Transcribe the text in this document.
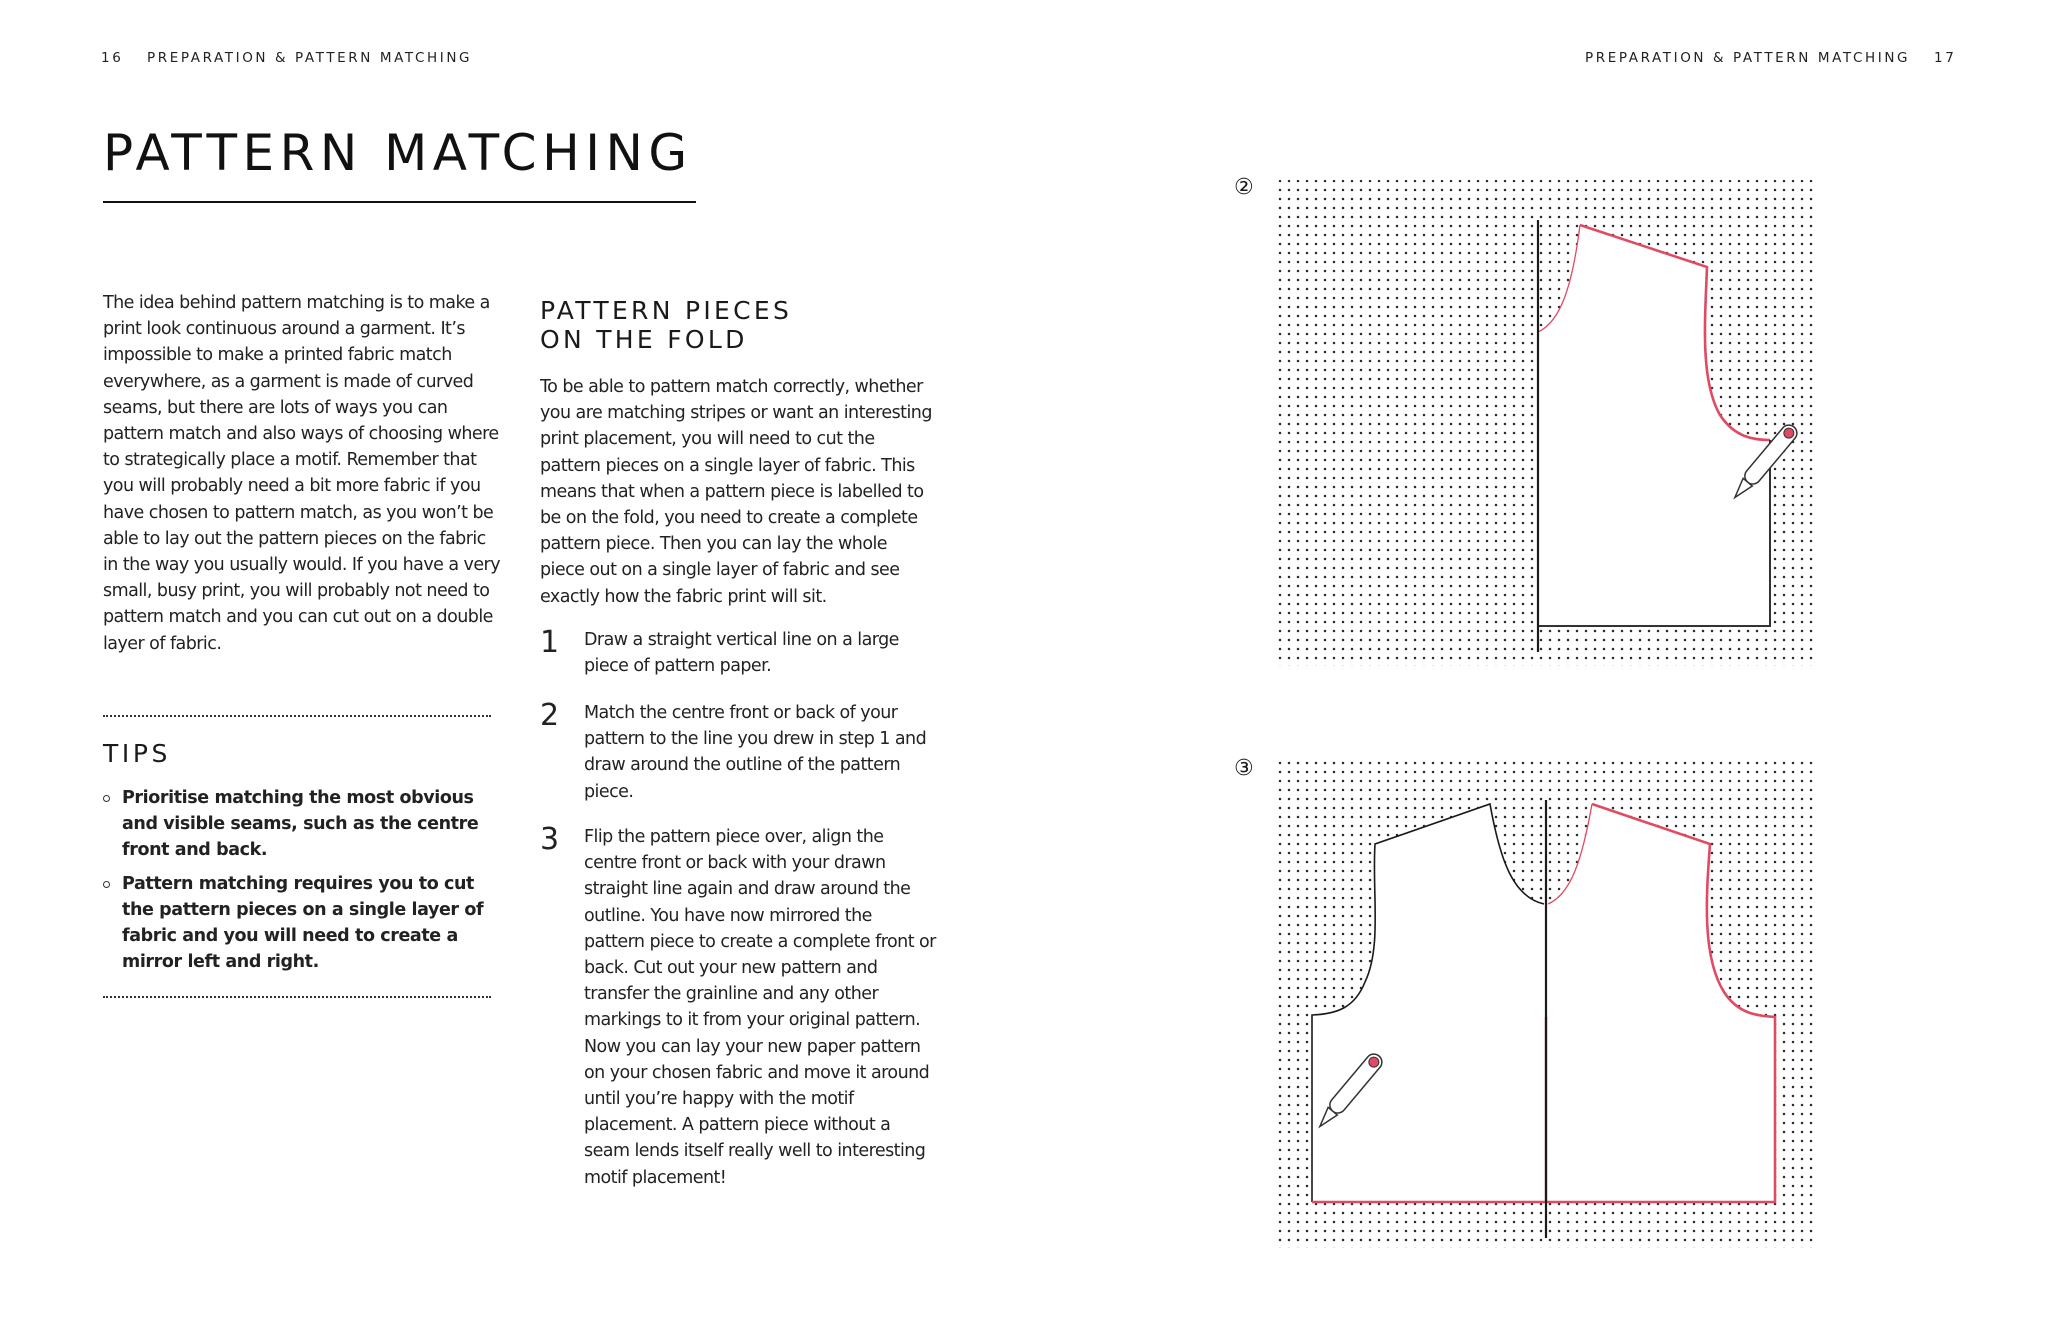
16 PREPARATION & PATTERN MATCHING	PREPARATION & PATTERN MATCHING 17
PATTERN MATCHING

The idea behind pattern matching is to make a print look continuous around a garment. It’s impossible to make a printed fabric match everywhere, as a garment is made of curved seams, but there are lots of ways you can pattern match and also ways of choosing where to strategically place a motif. Remember that you will probably need a bit more fabric if you have chosen to pattern match, as you won’t be able to lay out the pattern pieces on the fabric in the way you usually would. If you have a very small, busy print, you will probably not need to pattern match and you can cut out on a double layer of fabric.

TIPS
Prioritise matching the most obvious and visible seams, such as the centre front and back.
Pattern matching requires you to cut the pattern pieces on a single layer of fabric and you will need to create a mirror left and right.
PATTERN PIECES
ON THE FOLD

To be able to pattern match correctly, whether you are matching stripes or want an interesting print placement, you will need to cut the pattern pieces on a single layer of fabric. This means that when a pattern piece is labelled to be on the fold, you need to create a complete pattern piece. Then you can lay the whole piece out on a single layer of fabric and see exactly how the fabric print will sit.

1 Draw a straight vertical line on a large piece of pattern paper.

2 Match the centre front or back of your pattern to the line you drew in step 1 and draw around the outline of the pattern piece.

3 Flip the pattern piece over, align the centre front or back with your drawn straight line again and draw around the outline. You have now mirrored the pattern piece to create a complete front or back. Cut out your new pattern and transfer the grainline and any other markings to it from your original pattern. Now you can lay your new paper pattern on your chosen fabric and move it around until you’re happy with the motif placement. A pattern piece without a seam lends itself really well to interesting motif placement!

②
③
